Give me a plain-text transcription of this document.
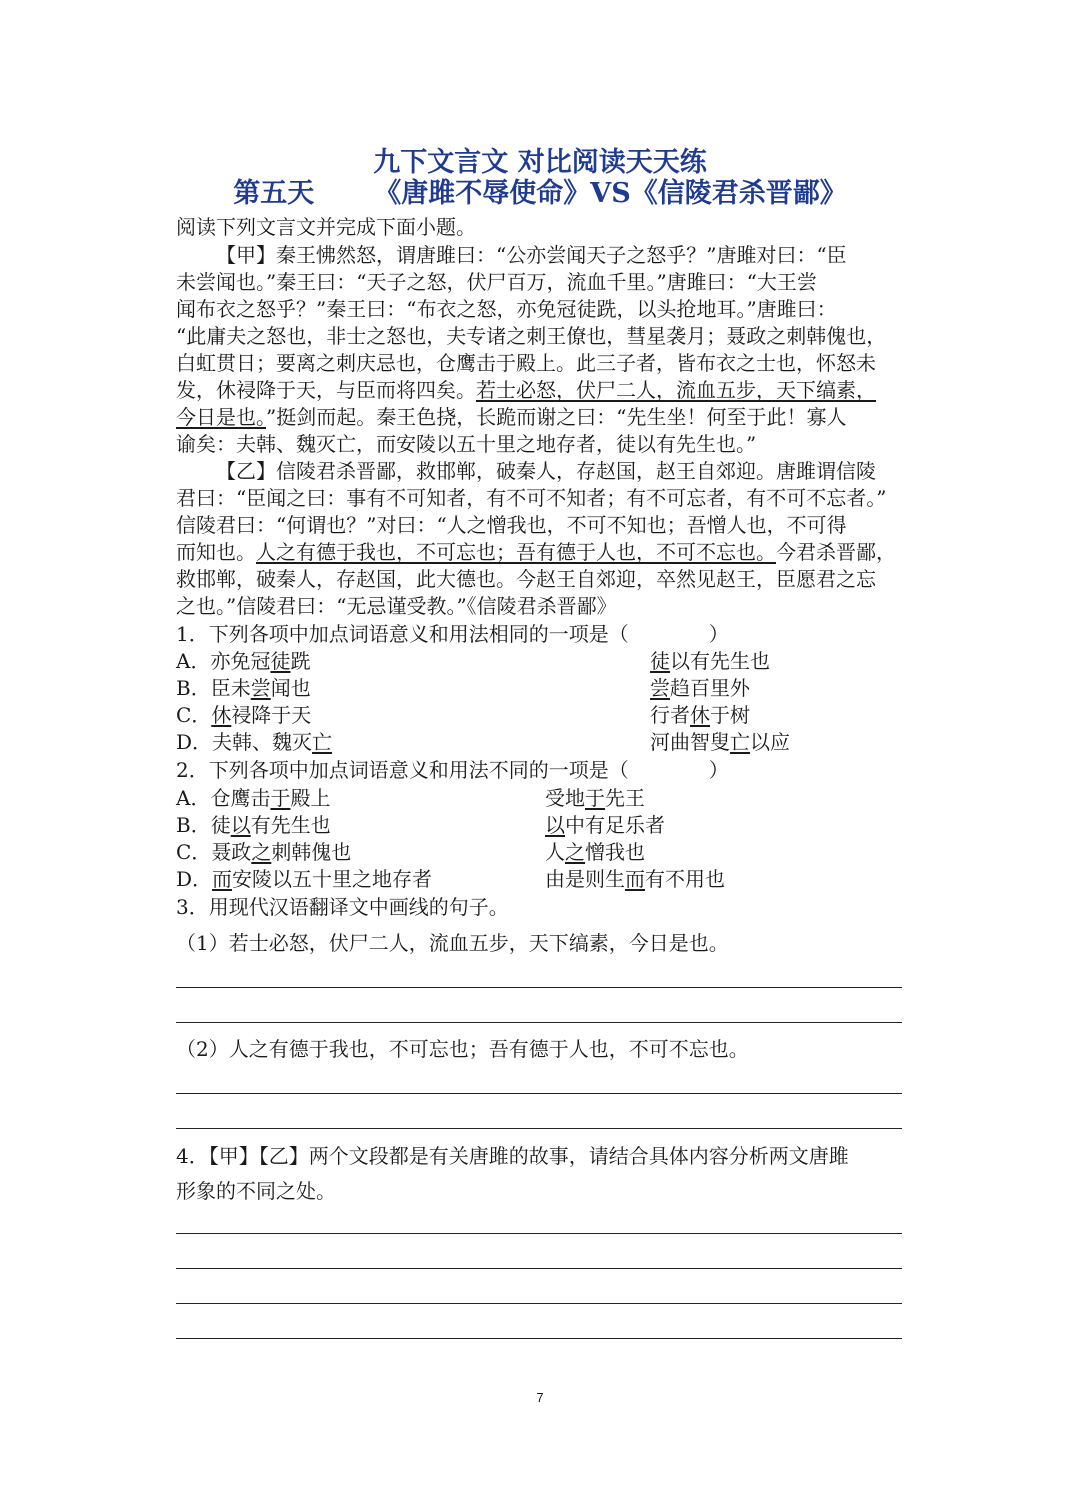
九下文言文 对比阅读天天练
第五天 《唐雎不辱使命》VS《信陵君杀晋鄙》
阅读下列文言文并完成下面小题。
【甲】秦王怫然怒，谓唐雎曰：“公亦尝闻天子之怒乎？”唐雎对曰：“臣
未尝闻也。”秦王曰：“天子之怒，伏尸百万，流血千里。”唐雎曰：“大王尝
闻布衣之怒乎？”秦王曰：“布衣之怒，亦免冠徒跣，以头抢地耳。”唐雎曰：
“此庸夫之怒也，非士之怒也，夫专诸之刺王僚也，彗星袭月；聂政之刺韩傀也，
白虹贯日；要离之刺庆忌也，仓鹰击于殿上。此三子者，皆布衣之士也，怀怒未
发，休祲降于天，与臣而将四矣。若士必怒，伏尸二人，流血五步，天下缟素，
今日是也。”挺剑而起。秦王色挠，长跪而谢之曰：“先生坐！何至于此！寡人
谕矣：夫韩、魏灭亡，而安陵以五十里之地存者，徒以有先生也。”
【乙】信陵君杀晋鄙，救邯郸，破秦人，存赵国，赵王自郊迎。唐雎谓信陵
君曰：“臣闻之曰：事有不可知者，有不可不知者；有不可忘者，有不可不忘者。”
信陵君曰：“何谓也？”对曰：“人之憎我也，不可不知也；吾憎人也，不可得
而知也。人之有德于我也，不可忘也；吾有德于人也，不可不忘也。今君杀晋鄙，
救邯郸，破秦人，存赵国，此大德也。今赵王自郊迎，卒然见赵王，臣愿君之忘
之也。”信陵君曰：“无忌谨受教。”《信陵君杀晋鄙》
1．下列各项中加点词语意义和用法相同的一项是（　　　　）
A．亦免冠徒跣	徒以有先生也
B．臣未尝闻也	尝趋百里外
C．休祲降于天	行者休于树
D．夫韩、魏灭亡	河曲智叟亡以应
2．下列各项中加点词语意义和用法不同的一项是（　　　　）
A．仓鹰击于殿上	受地于先王
B．徒以有先生也	以中有足乐者
C．聂政之刺韩傀也	人之憎我也
D．而安陵以五十里之地存者	由是则生而有不用也
3．用现代汉语翻译文中画线的句子。
（1）若士必怒，伏尸二人，流血五步，天下缟素，今日是也。
（2）人之有德于我也，不可忘也；吾有德于人也，不可不忘也。
4．【甲】【乙】两个文段都是有关唐雎的故事，请结合具体内容分析两文唐雎
形象的不同之处。
7
